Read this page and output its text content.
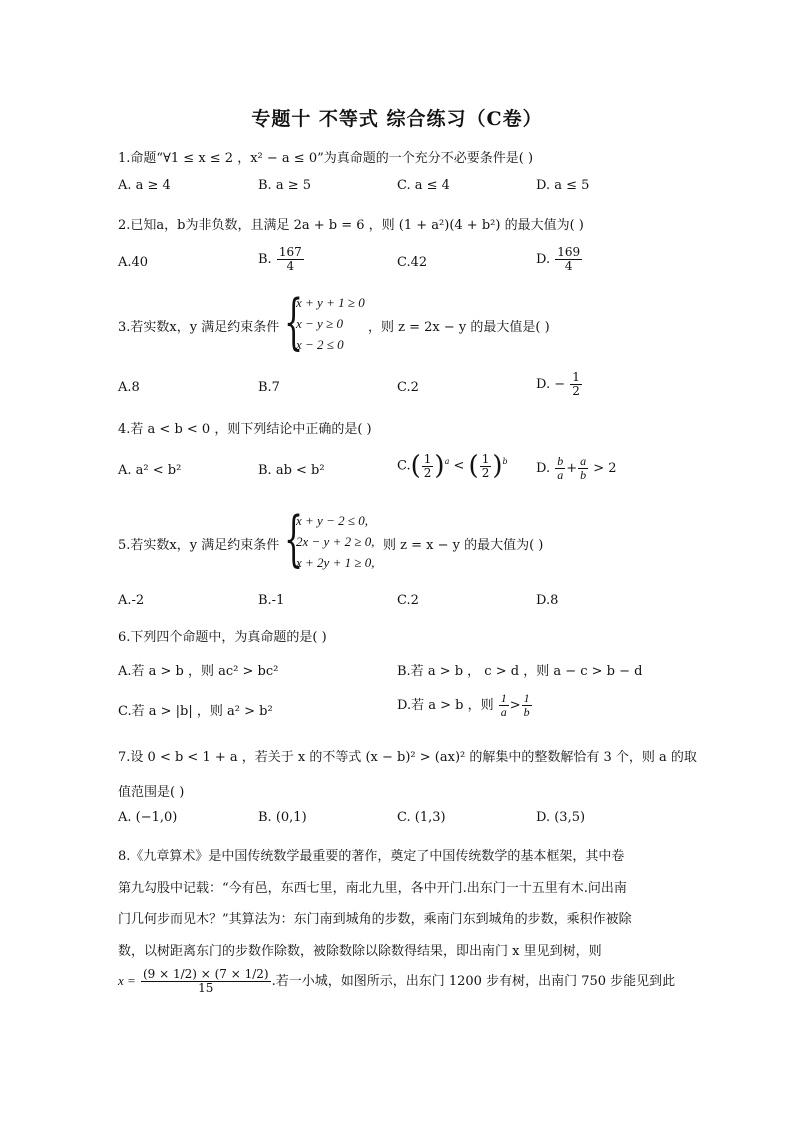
专题十 不等式 综合练习（C卷）
1.命题“∀1 ≤ x ≤ 2 ，x² − a ≤ 0”为真命题的一个充分不必要条件是( )
A. a ≥ 4	B. a ≥ 5	C. a ≤ 4	D. a ≤ 5
2.已知a，b为非负数，且满足 2a + b = 6 ，则 (1 + a²)(4 + b²) 的最大值为( )
A.40	B. $\frac{167}{4}$	C.42	D. $\frac{169}{4}$
3.若实数x，y 满足约束条件 {
x + y + 1 ≥ 0
x − y ≥ 0
x − 2 ≤ 0
，则 z = 2x − y 的最大值是( )
A.8	B.7	C.2	D. − $\frac{1}{2}$
4.若 a < b < 0 ，则下列结论中正确的是( )
A. a² < b²	B. ab < b²	$C.( \frac{1}{2} )^a$ < ( $\frac{1}{2} )^b$ D. $\frac{b}{a} + \frac{a}{b} > 2$
5.若实数x，y 满足约束条件 {
x + y − 2 ≤ 0,
2x − y + 2 ≥ 0,
x + 2y + 1 ≥ 0,
则 z = x − y 的最大值为( )
A.-2	B.-1	C.2	D.8
6.下列四个命题中，为真命题的是( )
A.若 a > b ，则 ac² > bc²	B.若 a > b ， c > d ，则 a − c > b − d
C.若 a > |b| ，则 a² > b²	D.若 a > b ，则 $\frac{1}{a} > \frac{1}{b}$
7.设 0 < b < 1 + a ，若关于 x 的不等式 (x − b)² > (ax)² 的解集中的整数解恰有 3 个，则 a 的取
值范围是( )
A. (−1,0)	B. (0,1)	C. (1,3)	D. (3,5)
8.《九章算术》是中国传统数学最重要的著作，奠定了中国传统数学的基本框架，其中卷
第九勾股中记载：“今有邑，东西七里，南北九里，各中开门.出东门一十五里有木.问出南
门几何步而见木？”其算法为：东门南到城角的步数，乘南门东到城角的步数，乘积作被除
数，以树距离东门的步数作除数，被除数除以除数得结果，即出南门 x 里见到树，则
$x = \frac{(9 \times 1/2) \times (7 \times 1/2)}{15}$ .若一小城，如图所示，出东门 1200 步有树，出南门 750 步能见到此
